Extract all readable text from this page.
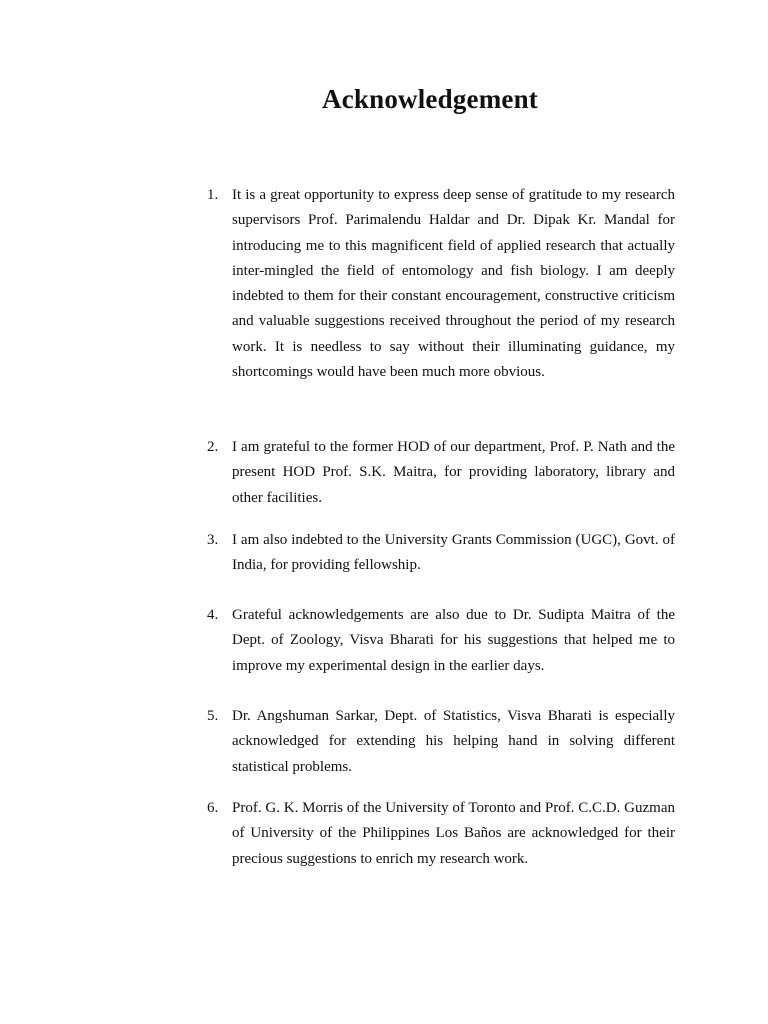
Acknowledgement
1. It is a great opportunity to express deep sense of gratitude to my research supervisors Prof. Parimalendu Haldar and Dr. Dipak Kr. Mandal for introducing me to this magnificent field of applied research that actually inter-mingled the field of entomology and fish biology. I am deeply indebted to them for their constant encouragement, constructive criticism and valuable suggestions received throughout the period of my research work. It is needless to say without their illuminating guidance, my shortcomings would have been much more obvious.
2. I am grateful to the former HOD of our department, Prof. P. Nath and the present HOD Prof. S.K. Maitra, for providing laboratory, library and other facilities.
3. I am also indebted to the University Grants Commission (UGC), Govt. of India, for providing fellowship.
4. Grateful acknowledgements are also due to Dr. Sudipta Maitra of the Dept. of Zoology, Visva Bharati for his suggestions that helped me to improve my experimental design in the earlier days.
5. Dr. Angshuman Sarkar, Dept. of Statistics, Visva Bharati is especially acknowledged for extending his helping hand in solving different statistical problems.
6. Prof. G. K. Morris of the University of Toronto and Prof. C.C.D. Guzman of University of the Philippines Los Baños are acknowledged for their precious suggestions to enrich my research work.
